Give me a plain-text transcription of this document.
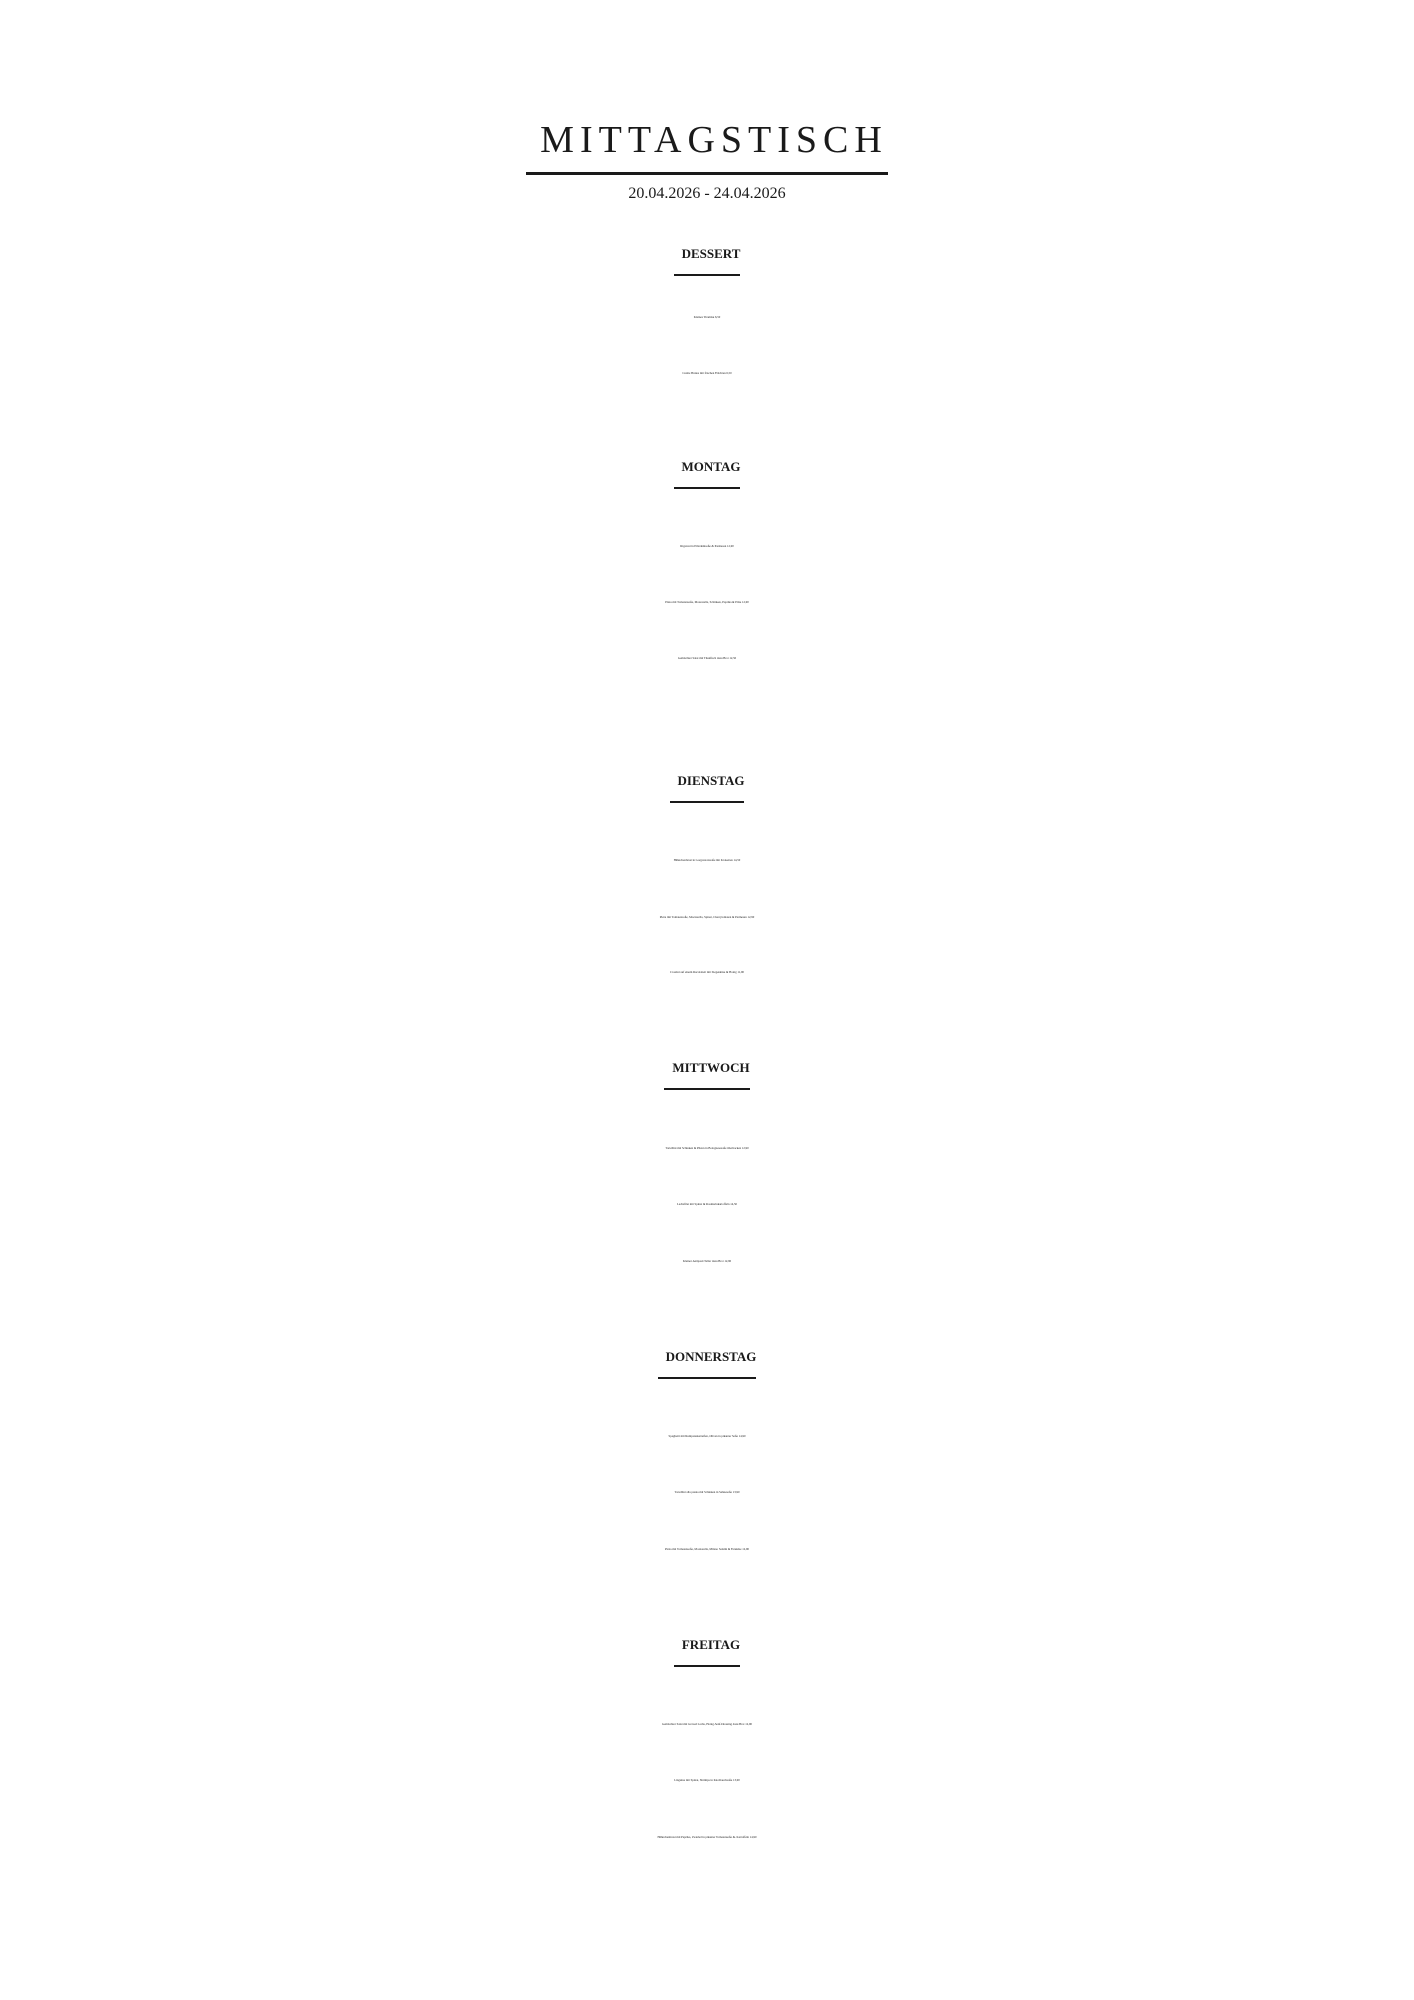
MITTAGSTISCH
20.04.2026 - 24.04.2026
DESSERT
Kleines Tiramisu 6,50
Creme Brulee mit frischen Früchten 6,50
MONTAG
Rigatoni in Pilzrahmsoße & Parmesan 12,90
Pizza mit Tomatensoße, Mozzarella, Schinken, Paprika & Pilze 12,90
Gemischter Salat mit Thunfisch dazu Brot 12,50
DIENSTAG
Hähnchenbrust in Gorgonzolasoße mit Kroketten 14,50
Pizza mit Tomatensoße, Mozzarella, Spinat, Cherrytomaten & Parmesan 12,90
Crostini auf einem Rucolabett mit Ziegenkäse & Honig 11,90
MITTWOCH
Tortellini mit Schinken & Pilzen in Bolognesesoße überbacken 12,90
Lachsfilet mit Spinat & Rosmarinkartoffeln 14,50
Kleiner Antipasti Teller dazu Brot 12,90
DONNERSTAG
Spaghetti mit Rumpsteakstreifen, Oliven in pikanter Soße 14,90
Tortellini alla panna mit Schinken in Sahnesoße 13,90
Pizza mit Tomatensoße, Mozzarella, Milano Salami & Fetakäse 12,90
FREITAG
Gemischter Salat mit Graved Lachs, Honig-Senf-Dressing dazu Brot 12,90
Linguine mit Spinat, Shrimps in Knoblauchsoße 13,90
Hähnchenbrust mit Paprika, Zwiebel in pikanter Tomatensoße &. Kartoffeln 14,90
